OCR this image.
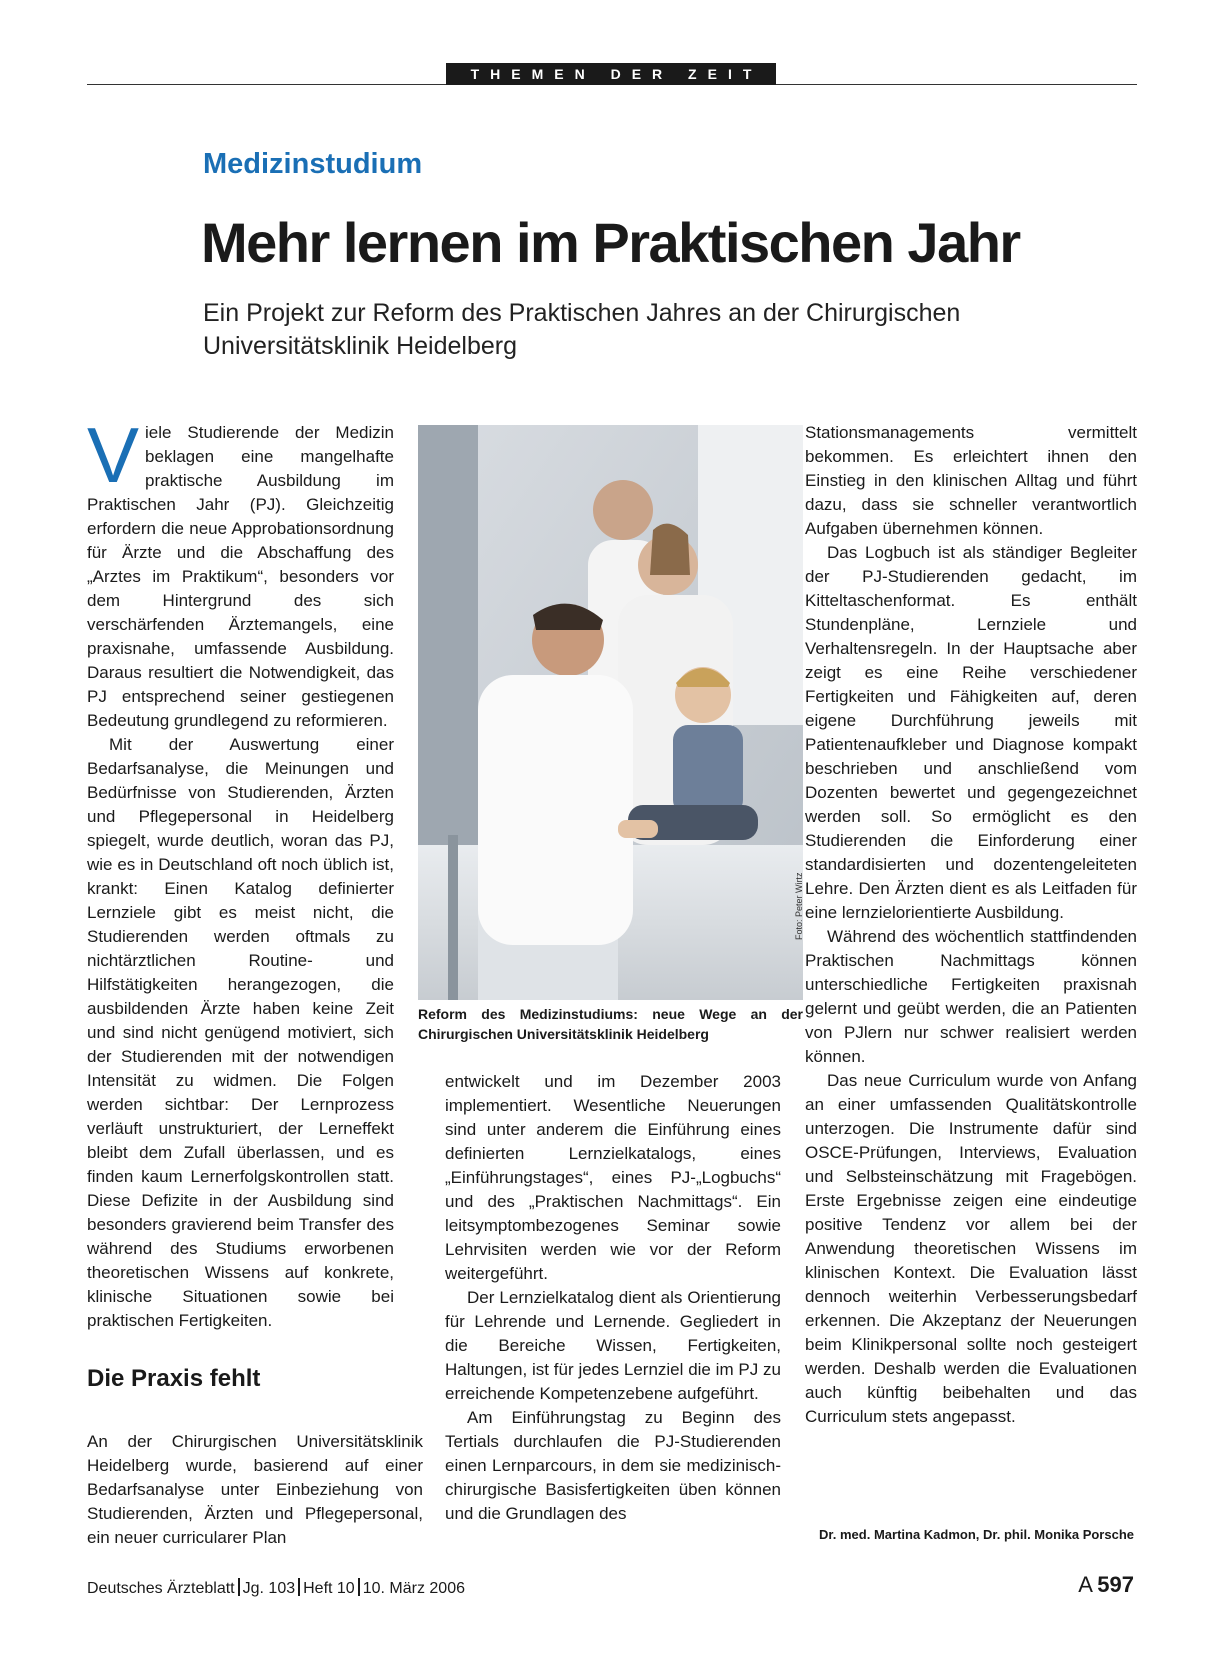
THEMEN DER ZEIT
Medizinstudium
Mehr lernen im Praktischen Jahr
Ein Projekt zur Reform des Praktischen Jahres an der Chirurgischen
Universitätsklinik Heidelberg

Viele Studierende der Medizin beklagen eine mangelhafte praktische Ausbildung im Praktischen Jahr (PJ). Gleichzeitig erfordern die neue Approbationsordnung für Ärzte und die Abschaffung des „Arztes im Praktikum“, besonders vor dem Hintergrund des sich verschärfenden Ärztemangels, eine praxisnahe, umfassende Ausbildung. Daraus resultiert die Notwendigkeit, das PJ entsprechend seiner gestiegenen Bedeutung grundlegend zu reformieren.

Mit der Auswertung einer Bedarfsanalyse, die Meinungen und Bedürfnisse von Studierenden, Ärzten und Pflegepersonal in Heidelberg spiegelt, wurde deutlich, woran das PJ, wie es in Deutschland oft noch üblich ist, krankt: Einen Katalog definierter Lernziele gibt es meist nicht, die Studierenden werden oftmals zu nichtärztlichen Routine- und Hilfstätigkeiten herangezogen, die ausbildenden Ärzte haben keine Zeit und sind nicht genügend motiviert, sich der Studierenden mit der notwendigen Intensität zu widmen. Die Folgen werden sichtbar: Der Lernprozess verläuft unstrukturiert, der Lerneffekt bleibt dem Zufall überlassen, und es finden kaum Lernerfolgskontrollen statt. Diese Defizite in der Ausbildung sind besonders gravierend beim Transfer des während des Studiums erworbenen theoretischen Wissens auf konkrete, klinische Situationen sowie bei praktischen Fertigkeiten.

Die Praxis fehlt

An der Chirurgischen Universitätsklinik Heidelberg wurde, basierend auf einer Bedarfsanalyse unter Einbeziehung von Studierenden, Ärzten und Pflegepersonal, ein neuer curricularer Plan

Foto: Peter Wirtz
Reform des Medizinstudiums: neue Wege an der Chirurgischen Universitätsklinik Heidelberg

entwickelt und im Dezember 2003 implementiert. Wesentliche Neuerungen sind unter anderem die Einführung eines definierten Lernzielkatalogs, eines „Einführungstages“, eines PJ-„Logbuchs“ und des „Praktischen Nachmittags“. Ein leitsymptombezogenes Seminar sowie Lehrvisiten werden wie vor der Reform weitergeführt.

Der Lernzielkatalog dient als Orientierung für Lehrende und Lernende. Gegliedert in die Bereiche Wissen, Fertigkeiten, Haltungen, ist für jedes Lernziel die im PJ zu erreichende Kompetenzebene aufgeführt.

Am Einführungstag zu Beginn des Tertials durchlaufen die PJ-Studierenden einen Lernparcours, in dem sie medizinisch-chirurgische Basisfertigkeiten üben können und die Grundlagen des

Stationsmanagements vermittelt bekommen. Es erleichtert ihnen den Einstieg in den klinischen Alltag und führt dazu, dass sie schneller verantwortlich Aufgaben übernehmen können.

Das Logbuch ist als ständiger Begleiter der PJ-Studierenden gedacht, im Kitteltaschenformat. Es enthält Stundenpläne, Lernziele und Verhaltensregeln. In der Hauptsache aber zeigt es eine Reihe verschiedener Fertigkeiten und Fähigkeiten auf, deren eigene Durchführung jeweils mit Patientenaufkleber und Diagnose kompakt beschrieben und anschließend vom Dozenten bewertet und gegengezeichnet werden soll. So ermöglicht es den Studierenden die Einforderung einer standardisierten und dozentengeleiteten Lehre. Den Ärzten dient es als Leitfaden für eine lernzielorientierte Ausbildung.

Während des wöchentlich stattfindenden Praktischen Nachmittags können unterschiedliche Fertigkeiten praxisnah gelernt und geübt werden, die an Patienten von PJlern nur schwer realisiert werden können.

Das neue Curriculum wurde von Anfang an einer umfassenden Qualitätskontrolle unterzogen. Die Instrumente dafür sind OSCE-Prüfungen, Interviews, Evaluation und Selbsteinschätzung mit Fragebögen. Erste Ergebnisse zeigen eine eindeutige positive Tendenz vor allem bei der Anwendung theoretischen Wissens im klinischen Kontext. Die Evaluation lässt dennoch weiterhin Verbesserungsbedarf erkennen. Die Akzeptanz der Neuerungen beim Klinikpersonal sollte noch gesteigert werden. Deshalb werden die Evaluationen auch künftig beibehalten und das Curriculum stets angepasst.

Dr. med. Martina Kadmon, Dr. phil. Monika Porsche
Deutsches Ärzteblatt Jg. 103 Heft 10 10. März 2006	A  597
